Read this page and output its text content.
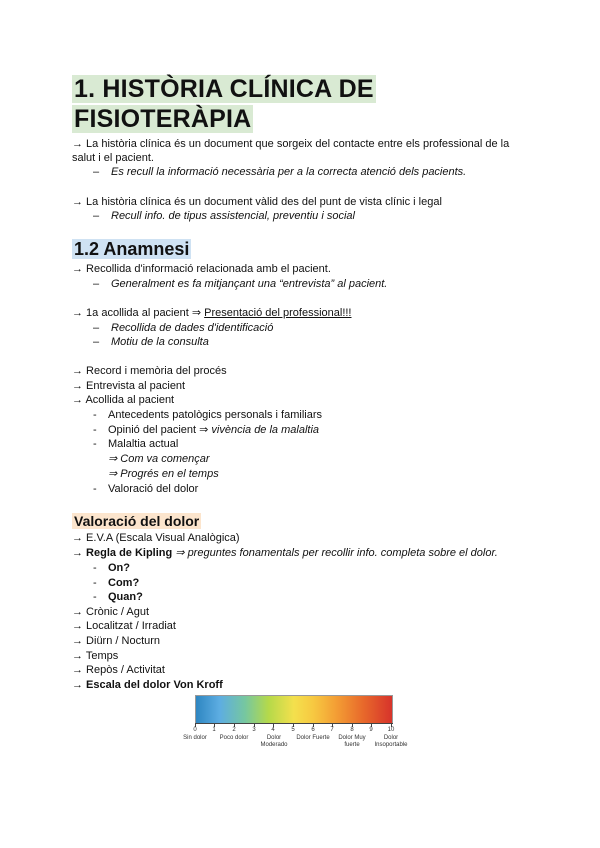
1. HISTÒRIA CLÍNICA DE
FISIOTERÀPIA
→ La història clínica és un document que sorgeix del contacte entre els professional de la
salut i el pacient.
– Es recull la informació necessària per a la correcta atenció dels pacients.
→ La història clínica és un document vàlid des del punt de vista clínic i legal
– Recull info. de tipus assistencial, preventiu i social
1.2 Anamnesi
→ Recollida d'informació relacionada amb el pacient.
– Generalment es fa mitjançant una “entrevista” al pacient.
→ 1a acollida al pacient ⇒ Presentació del professional!!!
– Recollida de dades d'identificació
– Motiu de la consulta
→ Record i memòria del procés
→ Entrevista al pacient
→ Acollida al pacient
- Antecedents patològics personals i familiars
- Opinió del pacient ⇒ vivència de la malaltia
- Malaltia actual
⇒ Com va començar
⇒ Progrés en el temps
- Valoració del dolor
Valoració del dolor
→ E.V.A (Escala Visual Analògica)
→ Regla de Kipling ⇒ preguntes fonamentals per recollir info. completa sobre el dolor.
- On?
- Com?
- Quan?
→ Crònic / Agut
→ Localitzat / Irradiat
→ Diürn / Nocturn
→ Temps
→ Repòs / Activitat
→ Escala del dolor Von Kroff
0	1	2	3	4	5	6	7	8	9	10
Sin dolor	Poco dolor	Dolor Moderado
Dolor Fuerte	Dolor Muy fuerte
Dolor Insoportable
